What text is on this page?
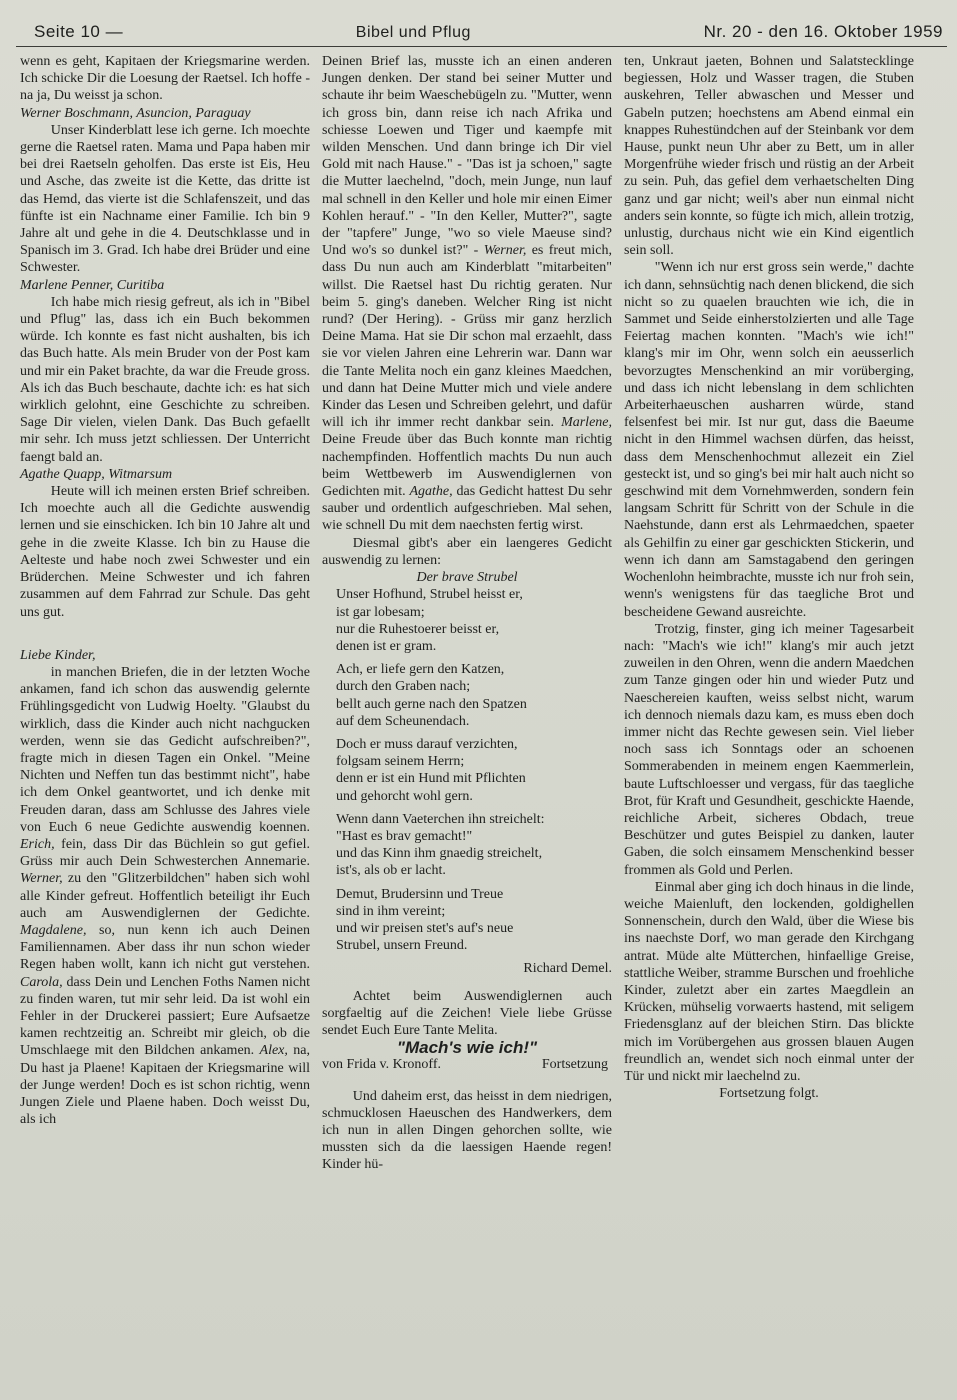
Seite 10 —	Bibel und Pflug	Nr. 20 - den 16. Oktober 1959

wenn es geht, Kapitaen der Kriegsmarine werden. Ich schicke Dir die Loesung der Raetsel. Ich hoffe - na ja, Du weisst ja schon.

Werner Boschmann, Asuncion, Paraguay

Unser Kinderblatt lese ich gerne. Ich moechte gerne die Raetsel raten. Mama und Papa haben mir bei drei Raetseln geholfen. Das erste ist Eis, Heu und Asche, das zweite ist die Kette, das dritte ist das Hemd, das vierte ist die Schlafenszeit, und das fünfte ist ein Nachname einer Familie. Ich bin 9 Jahre alt und gehe in die 4. Deutschklasse und in Spanisch im 3. Grad. Ich habe drei Brüder und eine Schwester.

Marlene Penner, Curitiba

Ich habe mich riesig gefreut, als ich in "Bibel und Pflug" las, dass ich ein Buch bekommen würde. Ich konnte es fast nicht aushalten, bis ich das Buch hatte. Als mein Bruder von der Post kam und mir ein Paket brachte, da war die Freude gross. Als ich das Buch beschaute, dachte ich: es hat sich wirklich gelohnt, eine Geschichte zu schreiben. Sage Dir vielen, vielen Dank. Das Buch gefaellt mir sehr. Ich muss jetzt schliessen. Der Unterricht faengt bald an.

Agathe Quapp, Witmarsum

Heute will ich meinen ersten Brief schreiben. Ich moechte auch all die Gedichte auswendig lernen und sie einschicken. Ich bin 10 Jahre alt und gehe in die zweite Klasse. Ich bin zu Hause die Aelteste und habe noch zwei Schwester und ein Brüderchen. Meine Schwester und ich fahren zusammen auf dem Fahrrad zur Schule. Das geht uns gut.

Liebe Kinder,

in manchen Briefen, die in der letzten Woche ankamen, fand ich schon das auswendig gelernte Frühlingsgedicht von Ludwig Hoelty. "Glaubst du wirklich, dass die Kinder auch nicht nachgucken werden, wenn sie das Gedicht aufschreiben?", fragte mich in diesen Tagen ein Onkel. "Meine Nichten und Neffen tun das bestimmt nicht", habe ich dem Onkel geantwortet, und ich denke mit Freuden daran, dass am Schlusse des Jahres viele von Euch 6 neue Gedichte auswendig koennen. Erich, fein, dass Dir das Büchlein so gut gefiel. Grüss mir auch Dein Schwesterchen Annemarie. Werner, zu den "Glitzerbildchen" haben sich wohl alle Kinder gefreut. Hoffentlich beteiligt ihr Euch auch am Auswendiglernen der Gedichte. Magdalene, so, nun kenn ich auch Deinen Familiennamen. Aber dass ihr nun schon wieder Regen haben wollt, kann ich nicht gut verstehen. Carola, dass Dein und Lenchen Foths Namen nicht zu finden waren, tut mir sehr leid. Da ist wohl ein Fehler in der Druckerei passiert; Eure Aufsaetze kamen rechtzeitig an. Schreibt mir gleich, ob die Umschlaege mit den Bildchen ankamen. Alex, na, Du hast ja Plaene! Kapitaen der Kriegsmarine will der Junge werden! Doch es ist schon richtig, wenn Jungen Ziele und Plaene haben. Doch weisst Du, als ich

Deinen Brief las, musste ich an einen anderen Jungen denken. Der stand bei seiner Mutter und schaute ihr beim Waeschebügeln zu. "Mutter, wenn ich gross bin, dann reise ich nach Afrika und schiesse Loewen und Tiger und kaempfe mit wilden Menschen. Und dann bringe ich Dir viel Gold mit nach Hause." - "Das ist ja schoen," sagte die Mutter laechelnd, "doch, mein Junge, nun lauf mal schnell in den Keller und hole mir einen Eimer Kohlen herauf." - "In den Keller, Mutter?", sagte der "tapfere" Junge, "wo so viele Maeuse sind? Und wo's so dunkel ist?" - Werner, es freut mich, dass Du nun auch am Kinderblatt "mitarbeiten" willst. Die Raetsel hast Du richtig geraten. Nur beim 5. ging's daneben. Welcher Ring ist nicht rund? (Der Hering). - Grüss mir ganz herzlich Deine Mama. Hat sie Dir schon mal erzaehlt, dass sie vor vielen Jahren eine Lehrerin war. Dann war die Tante Melita noch ein ganz kleines Maedchen, und dann hat Deine Mutter mich und viele andere Kinder das Lesen und Schreiben gelehrt, und dafür will ich ihr immer recht dankbar sein. Marlene, Deine Freude über das Buch konnte man richtig nachempfinden. Hoffentlich machts Du nun auch beim Wettbewerb im Auswendiglernen von Gedichten mit. Agathe, das Gedicht hattest Du sehr sauber und ordentlich aufgeschrieben. Mal sehen, wie schnell Du mit dem naechsten fertig wirst.

Diesmal gibt's aber ein laengeres Gedicht auswendig zu lernen:

Der brave Strubel

Unser Hofhund, Strubel heisst er,
ist gar lobesam;
nur die Ruhestoerer beisst er,
denen ist er gram.
Ach, er liefe gern den Katzen,
durch den Graben nach;
bellt auch gerne nach den Spatzen
auf dem Scheunendach.
Doch er muss darauf verzichten,
folgsam seinem Herrn;
denn er ist ein Hund mit Pflichten
und gehorcht wohl gern.
Wenn dann Vaeterchen ihn streichelt:
"Hast es brav gemacht!"
und das Kinn ihm gnaedig streichelt,
ist's, als ob er lacht.
Demut, Brudersinn und Treue
sind in ihm vereint;
und wir preisen stet's auf's neue
Strubel, unsern Freund.

Richard Demel.

Achtet beim Auswendiglernen auch sorgfaeltig auf die Zeichen! Viele liebe Grüsse sendet Euch Eure Tante Melita.

"Mach's wie ich!"

von Frida v. Kronoff.	Fortsetzung

Und daheim erst, das heisst in dem niedrigen, schmucklosen Haeuschen des Handwerkers, dem ich nun in allen Dingen gehorchen sollte, wie mussten sich da die laessigen Haende regen! Kinder hü-

ten, Unkraut jaeten, Bohnen und Salatstecklinge begiessen, Holz und Wasser tragen, die Stuben auskehren, Teller abwaschen und Messer und Gabeln putzen; hoechstens am Abend einmal ein knappes Ruhestündchen auf der Steinbank vor dem Hause, punkt neun Uhr aber zu Bett, um in aller Morgenfrühe wieder frisch und rüstig an der Arbeit zu sein. Puh, das gefiel dem verhaetschelten Ding ganz und gar nicht; weil's aber nun einmal nicht anders sein konnte, so fügte ich mich, allein trotzig, unlustig, durchaus nicht wie ein Kind eigentlich sein soll.

"Wenn ich nur erst gross sein werde," dachte ich dann, sehnsüchtig nach denen blickend, die sich nicht so zu quaelen brauchten wie ich, die in Sammet und Seide einherstolzierten und alle Tage Feiertag machen konnten. "Mach's wie ich!" klang's mir im Ohr, wenn solch ein aeusserlich bevorzugtes Menschenkind an mir vorüberging, und dass ich nicht lebenslang in dem schlichten Arbeiterhaeuschen ausharren würde, stand felsenfest bei mir. Ist nur gut, dass die Baeume nicht in den Himmel wachsen dürfen, das heisst, dass dem Menschenhochmut allezeit ein Ziel gesteckt ist, und so ging's bei mir halt auch nicht so geschwind mit dem Vornehmwerden, sondern fein langsam Schritt für Schritt von der Schule in die Naehstunde, dann erst als Lehrmaedchen, spaeter als Gehilfin zu einer gar geschickten Stickerin, und wenn ich dann am Samstagabend den geringen Wochenlohn heimbrachte, musste ich nur froh sein, wenn's wenigstens für das taegliche Brot und bescheidene Gewand ausreichte.

Trotzig, finster, ging ich meiner Tagesarbeit nach: "Mach's wie ich!" klang's mir auch jetzt zuweilen in den Ohren, wenn die andern Maedchen zum Tanze gingen oder hin und wieder Putz und Naeschereien kauften, weiss selbst nicht, warum ich dennoch niemals dazu kam, es muss eben doch immer nicht das Rechte gewesen sein. Viel lieber noch sass ich Sonntags oder an schoenen Sommerabenden in meinem engen Kaemmerlein, baute Luftschloesser und vergass, für das taegliche Brot, für Kraft und Gesundheit, geschickte Haende, reichliche Arbeit, sicheres Obdach, treue Beschützer und gutes Beispiel zu danken, lauter Gaben, die solch einsamem Menschenkind besser frommen als Gold und Perlen.

Einmal aber ging ich doch hinaus in die linde, weiche Maienluft, den lockenden, goldighellen Sonnenschein, durch den Wald, über die Wiese bis ins naechste Dorf, wo man gerade den Kirchgang antrat. Müde alte Mütterchen, hinfaellige Greise, stattliche Weiber, stramme Burschen und froehliche Kinder, zuletzt aber ein zartes Maegdlein an Krücken, mühselig vorwaerts hastend, mit seligem Friedensglanz auf der bleichen Stirn. Das blickte mich im Vorübergehen aus grossen blauen Augen freundlich an, wendet sich noch einmal unter der Tür und nickt mir laechelnd zu.

Fortsetzung folgt.
